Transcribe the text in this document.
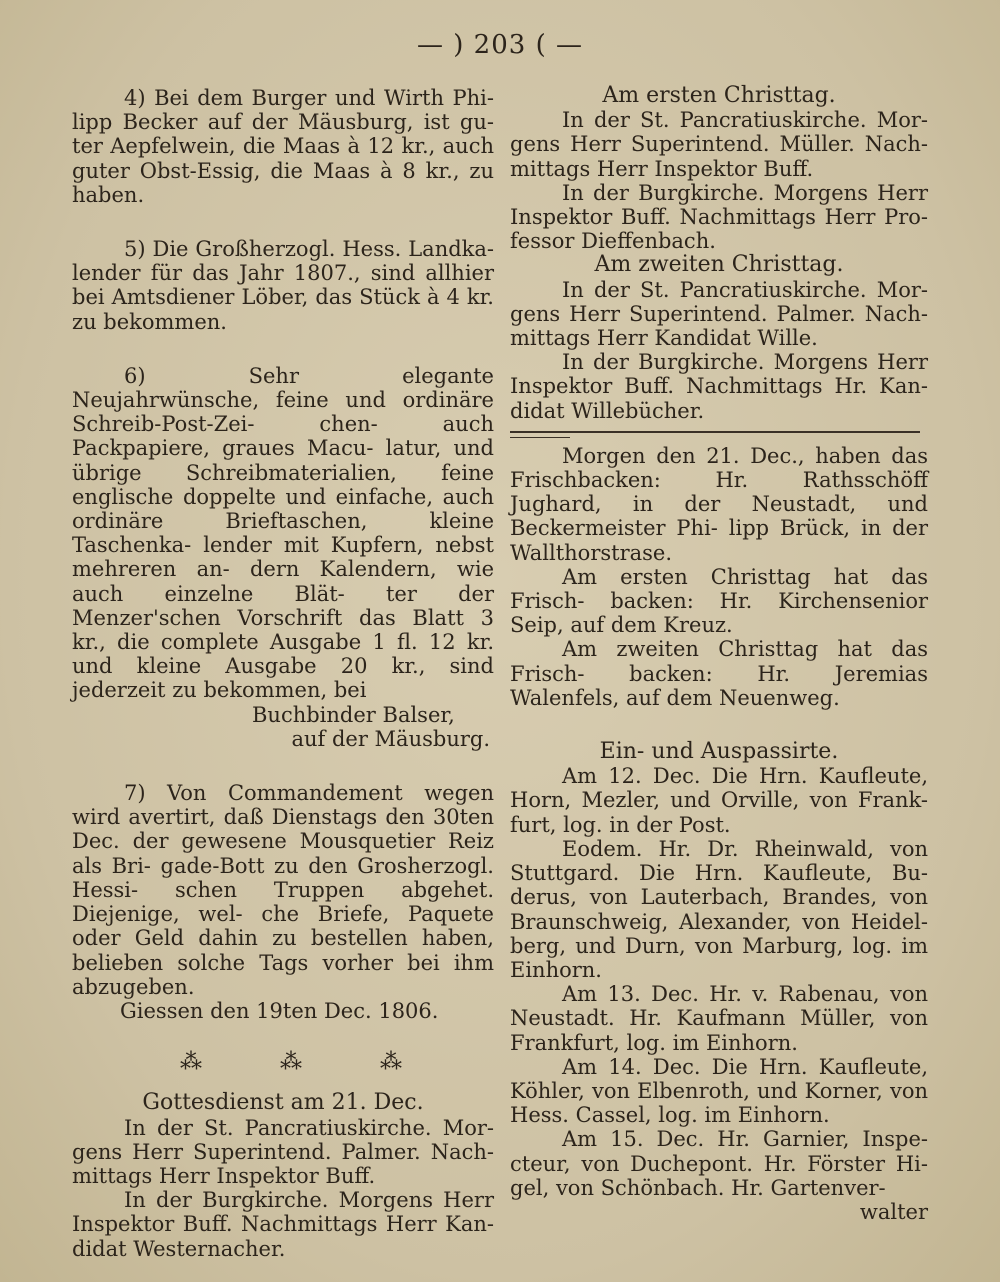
— ) 203 ( —

4) Bei dem Burger und Wirth Phi- lipp Becker auf der Mäusburg, ist gu- ter Aepfelwein, die Maas à 12 kr., auch guter Obst-Essig, die Maas à 8 kr., zu haben.

5) Die Großherzogl. Hess. Landka- lender für das Jahr 1807., sind allhier bei Amtsdiener Löber, das Stück à 4 kr. zu bekommen.

6) Sehr elegante Neujahrwünsche, feine und ordinäre Schreib-Post-Zei-	chen- auch Packpapiere, graues Macu- latur, und übrige Schreibmaterialien, feine englische doppelte und einfache, auch ordinäre Brieftaschen, kleine Taschenka- lender mit Kupfern, nebst mehreren an- dern Kalendern, wie auch einzelne Blät- ter der Menzer'schen Vorschrift das Blatt 3 kr., die complete Ausgabe 1 fl. 12 kr. und kleine Ausgabe 20 kr., sind jederzeit zu bekommen, bei

Buchbinder Balser,

auf der Mäusburg.

7) Von Commandement wegen wird avertirt, daß Dienstags den 30ten Dec. der gewesene Mousquetier Reiz als Bri- gade-Bott zu den Grosherzogl. Hessi- schen Truppen abgehet. Diejenige, wel- che Briefe, Paquete oder Geld dahin zu bestellen haben, belieben solche Tags vorher bei ihm abzugeben.

Giessen den 19ten Dec. 1806.

⁂	⁂	⁂

Gottesdienst am 21. Dec.

In der St. Pancratiuskirche. Mor- gens Herr Superintend. Palmer. Nach- mittags Herr Inspektor Buff.

In der Burgkirche. Morgens Herr Inspektor Buff. Nachmittags Herr Kan- didat Westernacher.

Am ersten Christtag.

In der St. Pancratiuskirche. Mor- gens Herr Superintend. Müller. Nach- mittags Herr Inspektor Buff.

In der Burgkirche. Morgens Herr Inspektor Buff. Nachmittags Herr Pro- fessor Dieffenbach.

Am zweiten Christtag.

In der St. Pancratiuskirche. Mor- gens Herr Superintend. Palmer. Nach- mittags Herr Kandidat Wille.

In der Burgkirche. Morgens Herr Inspektor Buff. Nachmittags Hr. Kan- didat Willebücher.

Morgen den 21. Dec., haben das Frischbacken: Hr. Rathsschöff Jughard, in der Neustadt, und Beckermeister Phi- lipp Brück, in der Wallthorstrase.

Am ersten Christtag hat das Frisch- backen: Hr. Kirchensenior Seip, auf dem Kreuz.

Am zweiten Christtag hat das Frisch- backen: Hr. Jeremias Walenfels, auf dem Neuenweg.

Ein- und Auspassirte.

Am 12. Dec. Die Hrn. Kaufleute, Horn, Mezler, und Orville, von Frank- furt, log. in der Post.

Eodem. Hr. Dr. Rheinwald, von Stuttgard. Die Hrn. Kaufleute, Bu- derus, von Lauterbach, Brandes, von Braunschweig, Alexander, von Heidel- berg, und Durn, von Marburg, log. im Einhorn.

Am 13. Dec. Hr. v. Rabenau, von Neustadt. Hr. Kaufmann Müller, von Frankfurt, log. im Einhorn.

Am 14. Dec. Die Hrn. Kaufleute, Köhler, von Elbenroth, und Korner, von Hess. Cassel, log. im Einhorn.

Am 15. Dec. Hr. Garnier, Inspe- cteur, von Duchepont. Hr. Förster Hi- gel, von Schönbach. Hr. Gartenver-

walter
